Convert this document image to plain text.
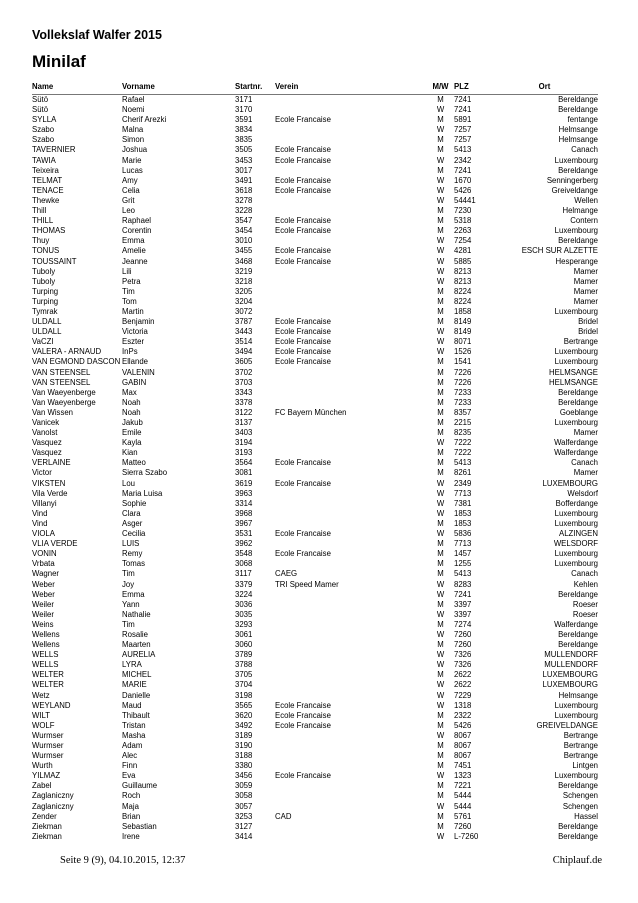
Vollekslaf Walfer 2015
Minilaf
Name	Vorname	Startnr.	Verein	M/W	PLZ	Ort
Sütö	Rafael	3171		M	7241	Bereldange
Sütö	Noemi	3170		W	7241	Bereldange
SYLLA	Cherif Arezki	3591	Ecole Francaise	M	5891	fentange
Szabo	Malna	3834		W	7257	Helmsange
Szabo	Simon	3835		M	7257	Helmsange
TAVERNIER	Joshua	3505	Ecole Francaise	M	5413	Canach
TAWIA	Marie	3453	Ecole Francaise	W	2342	Luxembourg
Teixeira	Lucas	3017		M	7241	Bereldange
TELMAT	Amy	3491	Ecole Francaise	W	1670	Senningerberg
TENACE	Celia	3618	Ecole Francaise	W	5426	Greiveldange
Thewke	Grit	3278		W	54441	Wellen
Thill	Leo	3228		M	7230	Helmange
THILL	Raphael	3547	Ecole Francaise	M	5318	Contern
THOMAS	Corentin	3454	Ecole Francaise	M	2263	Luxembourg
Thuy	Emma	3010		W	7254	Bereldange
TONUS	Amelie	3455	Ecole Francaise	W	4281	ESCH SUR ALZETTE
TOUSSAINT	Jeanne	3468	Ecole Francaise	W	5885	Hesperange
Tuboly	Lili	3219		W	8213	Mamer
Tuboly	Petra	3218		W	8213	Mamer
Turping	Tim	3205		M	8224	Mamer
Turping	Tom	3204		M	8224	Mamer
Tymrak	Martin	3072		M	1858	Luxembourg
ULDALL	Benjamin	3787	Ecole Francaise	M	8149	Bridel
ULDALL	Victoria	3443	Ecole Francaise	W	8149	Bridel
VaCZI	Eszter	3514	Ecole Francaise	W	8071	Bertrange
VALERA - ARNAUD	InPs	3494	Ecole Francaise	W	1526	Luxembourg
VAN EGMOND DASCON	Ellande	3605	Ecole Francaise	M	1541	Luxembourg
VAN STEENSEL	VALENIN	3702		M	7226	HELMSANGE
VAN STEENSEL	GABIN	3703		M	7226	HELMSANGE
Van Waeyenberge	Max	3343		M	7233	Bereldange
Van Waeyenberge	Noah	3378		M	7233	Bereldange
Van Wissen	Noah	3122	FC Bayern München	M	8357	Goeblange
Vanicek	Jakub	3137		M	2215	Luxembourg
Vanolst	Emile	3403		M	8235	Mamer
Vasquez	Kayla	3194		W	7222	Walferdange
Vasquez	Kian	3193		M	7222	Walferdange
VERLAINE	Matteo	3564	Ecole Francaise	M	5413	Canach
Victor	Sierra Szabo	3081		M	8261	Mamer
VIKSTEN	Lou	3619	Ecole Francaise	W	2349	LUXEMBOURG
Vila Verde	Maria Luisa	3963		W	7713	Welsdorf
Villanyi	Sophie	3314		W	7381	Bofferdange
Vind	Clara	3968		W	1853	Luxembourg
Vind	Asger	3967		M	1853	Luxembourg
VIOLA	Cecilia	3531	Ecole Francaise	W	5836	ALZINGEN
VLIA VERDE	LUIS	3962		M	7713	WELSDORF
VONIN	Remy	3548	Ecole Francaise	M	1457	Luxembourg
Vrbata	Tomas	3068		M	1255	Luxembourg
Wagner	Tim	3117	CAEG	M	5413	Canach
Weber	Joy	3379	TRI Speed Mamer	W	8283	Kehlen
Weber	Emma	3224		W	7241	Bereldange
Weiler	Yann	3036		M	3397	Roeser
Weiler	Nathalie	3035		W	3397	Roeser
Weins	Tim	3293		M	7274	Walferdange
Wellens	Rosalie	3061		W	7260	Bereldange
Wellens	Maarten	3060		M	7260	Bereldange
WELLS	AURELIA	3789		W	7326	MULLENDORF
WELLS	LYRA	3788		W	7326	MULLENDORF
WELTER	MICHEL	3705		M	2622	LUXEMBOURG
WELTER	MARIE	3704		W	2622	LUXEMBOURG
Wetz	Danielle	3198		W	7229	Helmsange
WEYLAND	Maud	3565	Ecole Francaise	W	1318	Luxembourg
WILT	Thibault	3620	Ecole Francaise	M	2322	Luxembourg
WOLF	Tristan	3492	Ecole Francaise	M	5426	GREIVELDANGE
Wurmser	Masha	3189		W	8067	Bertrange
Wurmser	Adam	3190		M	8067	Bertrange
Wurmser	Alec	3188		M	8067	Bertrange
Wurth	Finn	3380		M	7451	Lintgen
YILMAZ	Eva	3456	Ecole Francaise	W	1323	Luxembourg
Zabel	Guillaume	3059		M	7221	Bereldange
Zaglaniczny	Roch	3058		M	5444	Schengen
Zaglaniczny	Maja	3057		W	5444	Schengen
Zender	Brian	3253	CAD	M	5761	Hassel
Ziekman	Sebastian	3127		M	7260	Bereldange
Ziekman	Irene	3414		W	L-7260	Bereldange
Seite 9 (9), 04.10.2015, 12:37	Chiplauf.de
